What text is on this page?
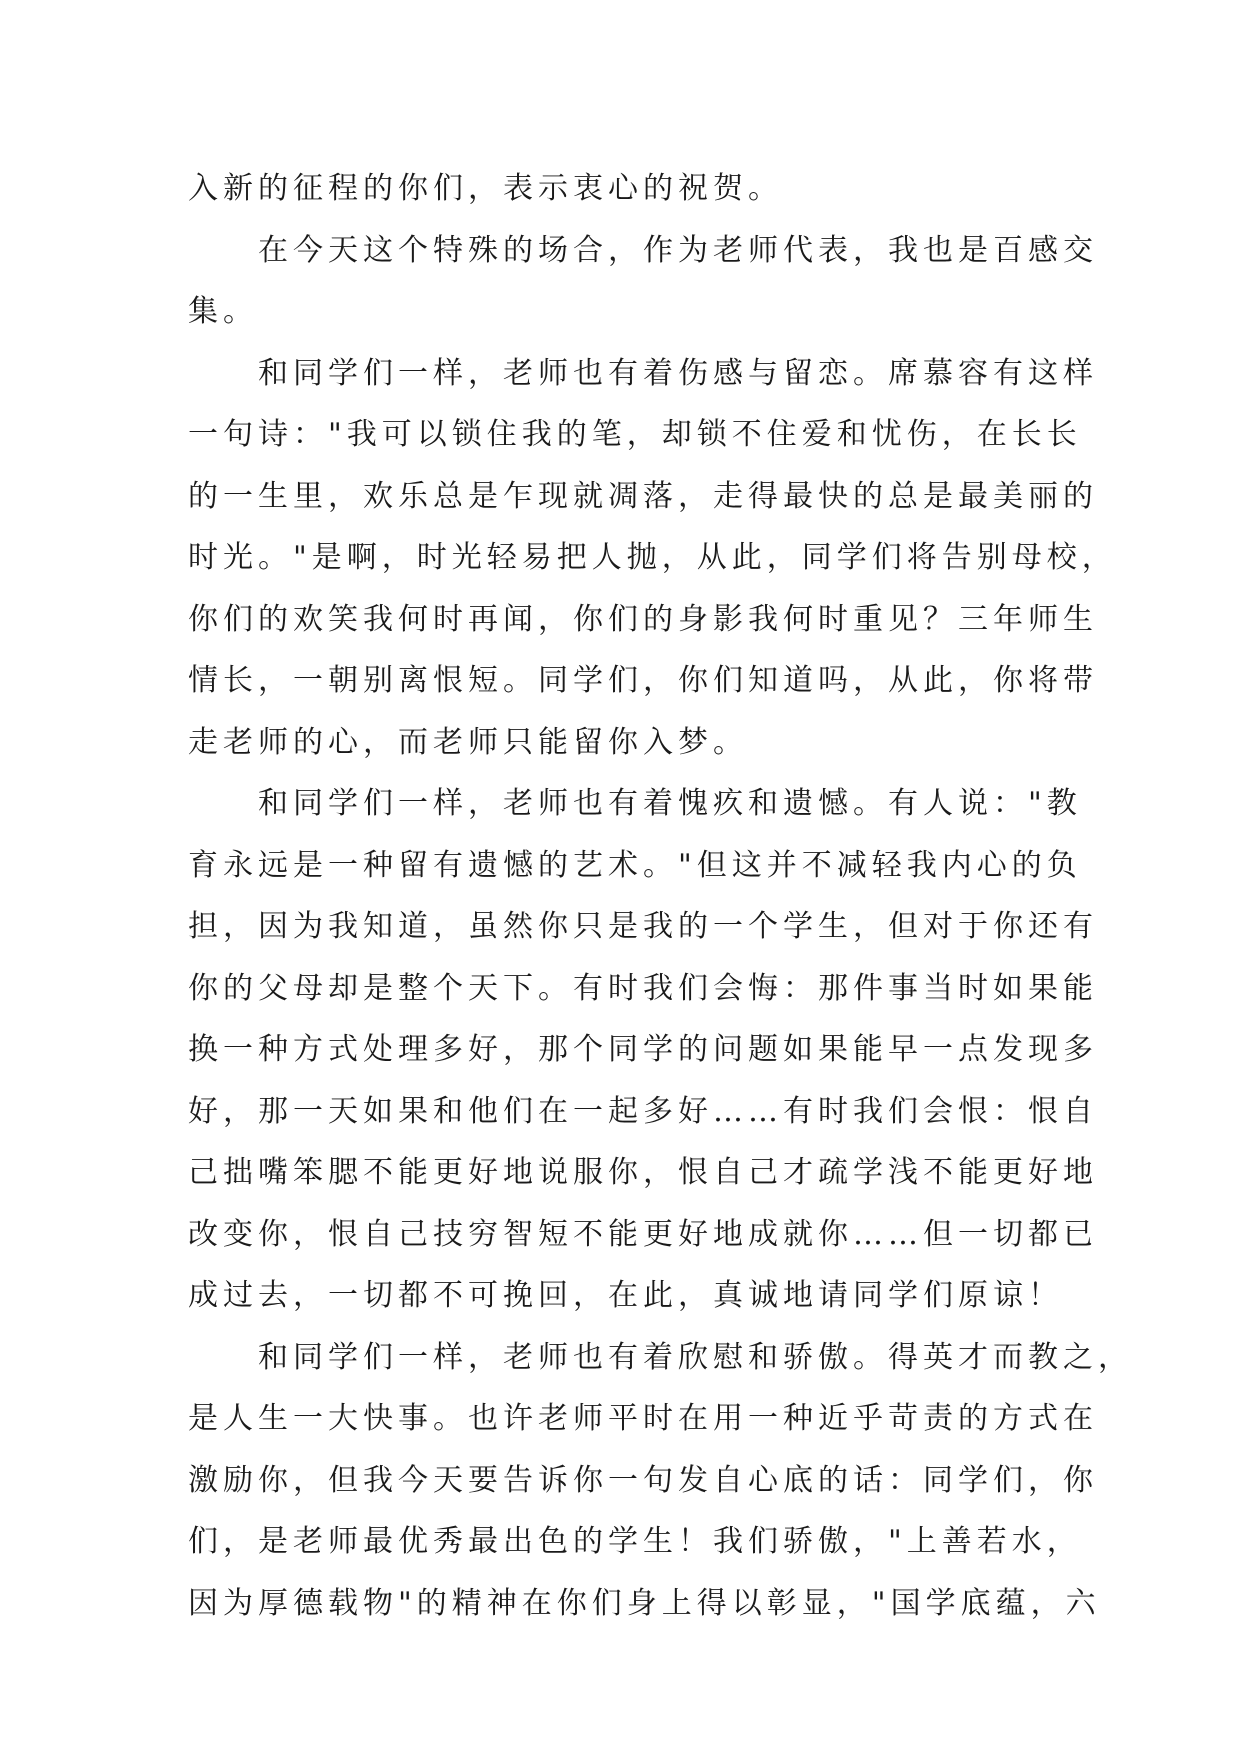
入新的征程的你们，表示衷心的祝贺。
在今天这个特殊的场合，作为老师代表，我也是百感交
集。
和同学们一样，老师也有着伤感与留恋。席慕容有这样
一句诗："我可以锁住我的笔，却锁不住爱和忧伤，在长长
的一生里，欢乐总是乍现就凋落，走得最快的总是最美丽的
时光。"是啊，时光轻易把人抛，从此，同学们将告别母校，
你们的欢笑我何时再闻，你们的身影我何时重见？三年师生
情长，一朝别离恨短。同学们，你们知道吗，从此，你将带
走老师的心，而老师只能留你入梦。
和同学们一样，老师也有着愧疚和遗憾。有人说："教
育永远是一种留有遗憾的艺术。"但这并不减轻我内心的负
担，因为我知道，虽然你只是我的一个学生，但对于你还有
你的父母却是整个天下。有时我们会悔：那件事当时如果能
换一种方式处理多好，那个同学的问题如果能早一点发现多
好，那一天如果和他们在一起多好……有时我们会恨：恨自
己拙嘴笨腮不能更好地说服你，恨自己才疏学浅不能更好地
改变你，恨自己技穷智短不能更好地成就你……但一切都已
成过去，一切都不可挽回，在此，真诚地请同学们原谅！
和同学们一样，老师也有着欣慰和骄傲。得英才而教之，
是人生一大快事。也许老师平时在用一种近乎苛责的方式在
激励你，但我今天要告诉你一句发自心底的话：同学们，你
们，是老师最优秀最出色的学生！我们骄傲，"上善若水，
因为厚德载物"的精神在你们身上得以彰显，"国学底蕴，六
